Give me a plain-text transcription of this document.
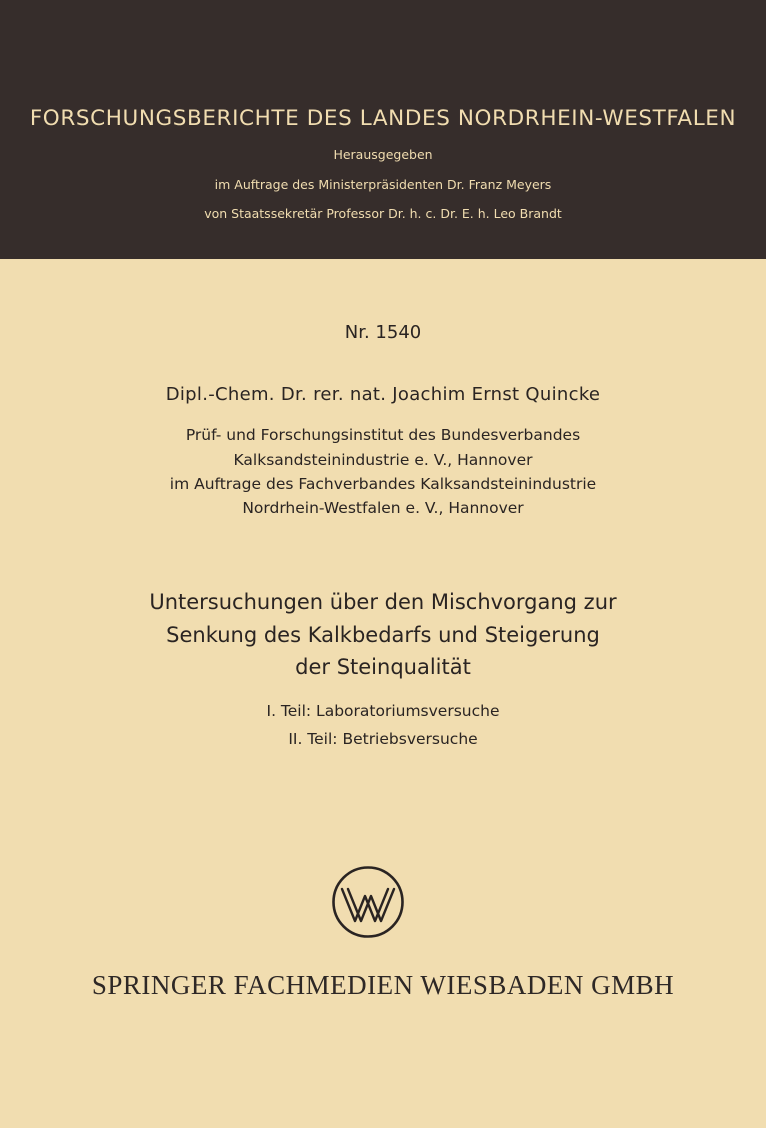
FORSCHUNGSBERICHTE DES LANDES NORDRHEIN-WESTFALEN
Herausgegeben
im Auftrage des Ministerpräsidenten Dr. Franz Meyers
von Staatssekretär Professor Dr. h. c. Dr. E. h. Leo Brandt
Nr. 1540
Dipl.-Chem. Dr. rer. nat. Joachim Ernst Quincke
Prüf- und Forschungsinstitut des Bundesverbandes
Kalksandsteinindustrie e. V., Hannover
im Auftrage des Fachverbandes Kalksandsteinindustrie
Nordrhein-Westfalen e. V., Hannover
Untersuchungen über den Mischvorgang zur
Senkung des Kalkbedarfs und Steigerung
der Steinqualität
I. Teil: Laboratoriumsversuche
II. Teil: Betriebsversuche
SPRINGER FACHMEDIEN WIESBADEN GMBH
